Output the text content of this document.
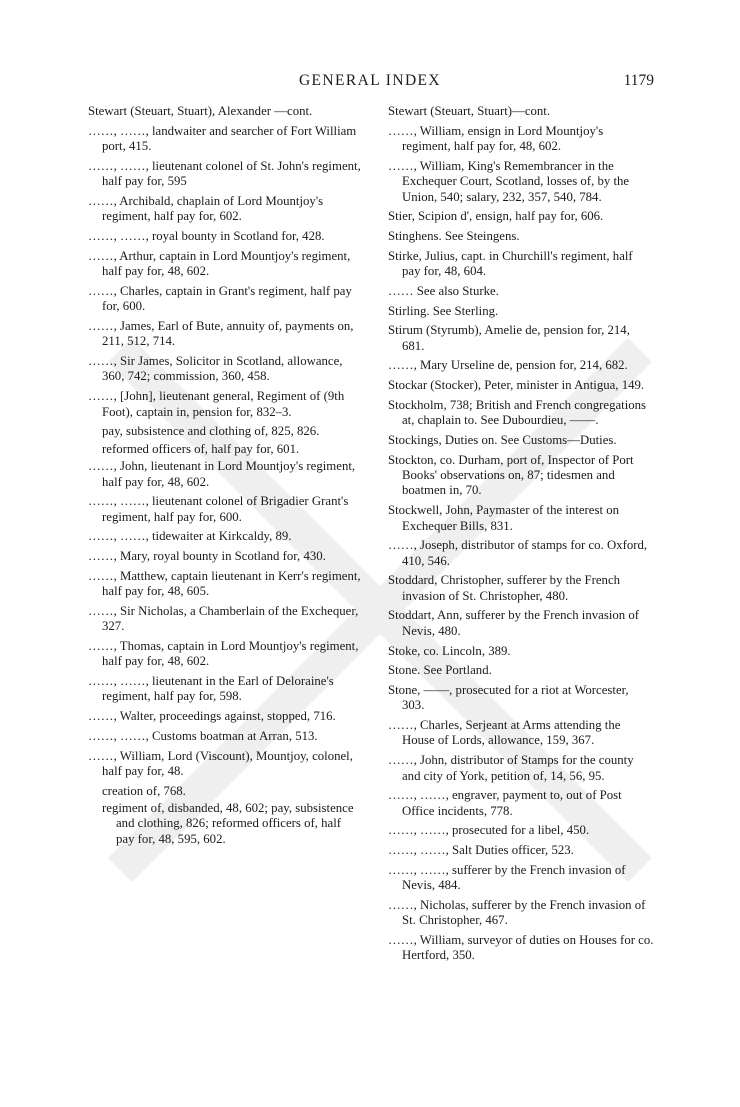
GENERAL INDEX	1179
Stewart (Steuart, Stuart), Alexander —cont.
……, ……, landwaiter and searcher of Fort William port, 415.
……, ……, lieutenant colonel of St. John's regiment, half pay for, 595
……, Archibald, chaplain of Lord Mountjoy's regiment, half pay for, 602.
……, ……, royal bounty in Scotland for, 428.
……, Arthur, captain in Lord Mountjoy's regiment, half pay for, 48, 602.
……, Charles, captain in Grant's regiment, half pay for, 600.
……, James, Earl of Bute, annuity of, payments on, 211, 512, 714.
……, Sir James, Solicitor in Scotland, allowance, 360, 742; commission, 360, 458.
……, [John], lieutenant general, Regiment of (9th Foot), captain in, pension for, 832–3.
pay, subsistence and clothing of, 825, 826.
reformed officers of, half pay for, 601.
……, John, lieutenant in Lord Mountjoy's regiment, half pay for, 48, 602.
……, ……, lieutenant colonel of Brigadier Grant's regiment, half pay for, 600.
……, ……, tidewaiter at Kirkcaldy, 89.
……, Mary, royal bounty in Scotland for, 430.
……, Matthew, captain lieutenant in Kerr's regiment, half pay for, 48, 605.
……, Sir Nicholas, a Chamberlain of the Exchequer, 327.
……, Thomas, captain in Lord Mountjoy's regiment, half pay for, 48, 602.
……, ……, lieutenant in the Earl of Deloraine's regiment, half pay for, 598.
……, Walter, proceedings against, stopped, 716.
……, ……, Customs boatman at Arran, 513.
……, William, Lord (Viscount), Mountjoy, colonel, half pay for, 48.
creation of, 768.
regiment of, disbanded, 48, 602; pay, subsistence and clothing, 826; reformed officers of, half pay for, 48, 595, 602.
Stewart (Steuart, Stuart)—cont.
……, William, ensign in Lord Mountjoy's regiment, half pay for, 48, 602.
……, William, King's Remembrancer in the Exchequer Court, Scotland, losses of, by the Union, 540; salary, 232, 357, 540, 784.
Stier, Scipion d', ensign, half pay for, 606.
Stinghens. See Steingens.
Stirke, Julius, capt. in Churchill's regiment, half pay for, 48, 604.
…… See also Sturke.
Stirling. See Sterling.
Stirum (Styrumb), Amelie de, pension for, 214, 681.
……, Mary Urseline de, pension for, 214, 682.
Stockar (Stocker), Peter, minister in Antigua, 149.
Stockholm, 738; British and French congregations at, chaplain to. See Dubourdieu, ——.
Stockings, Duties on. See Customs—Duties.
Stockton, co. Durham, port of, Inspector of Port Books' observations on, 87; tidesmen and boatmen in, 70.
Stockwell, John, Paymaster of the interest on Exchequer Bills, 831.
……, Joseph, distributor of stamps for co. Oxford, 410, 546.
Stoddard, Christopher, sufferer by the French invasion of St. Christopher, 480.
Stoddart, Ann, sufferer by the French invasion of Nevis, 480.
Stoke, co. Lincoln, 389.
Stone. See Portland.
Stone, ——, prosecuted for a riot at Worcester, 303.
……, Charles, Serjeant at Arms attending the House of Lords, allowance, 159, 367.
……, John, distributor of Stamps for the county and city of York, petition of, 14, 56, 95.
……, ……, engraver, payment to, out of Post Office incidents, 778.
……, ……, prosecuted for a libel, 450.
……, ……, Salt Duties officer, 523.
……, ……, sufferer by the French invasion of Nevis, 484.
……, Nicholas, sufferer by the French invasion of St. Christopher, 467.
……, William, surveyor of duties on Houses for co. Hertford, 350.
